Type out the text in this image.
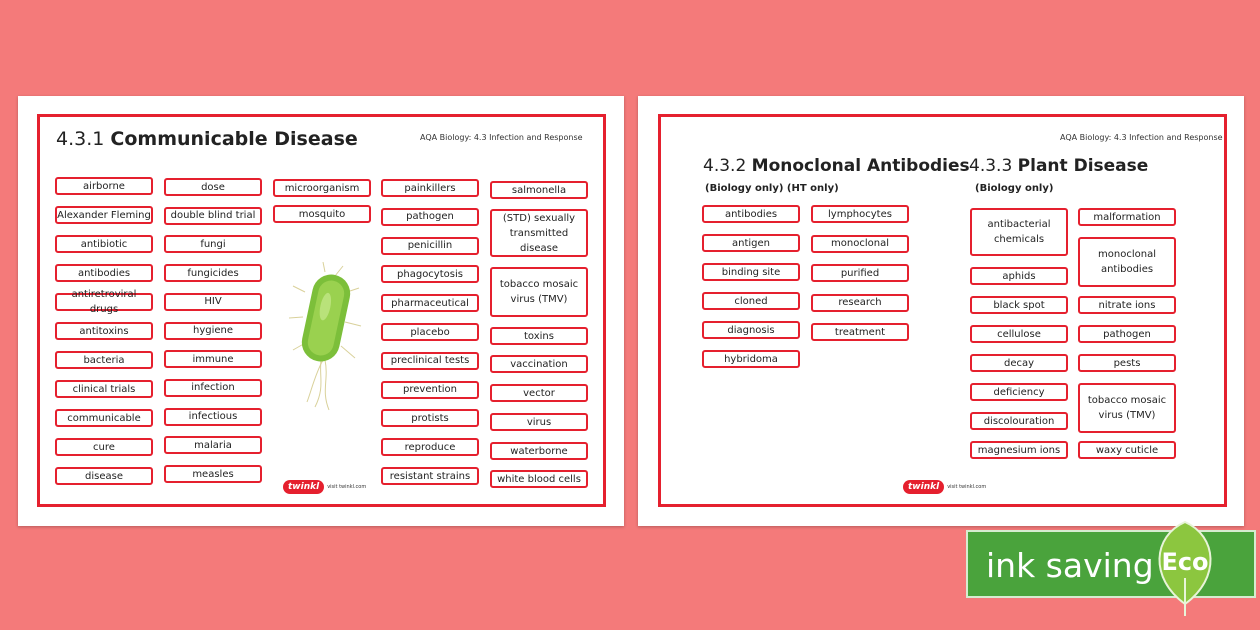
4.3.1 Communicable Disease	AQA Biology: 4.3 Infection and Response
airborne
Alexander Fleming
antibiotic
antibodies
antiretroviral drugs
antitoxins
bacteria
clinical trials
communicable
cure
disease
dose
double blind trial
fungi
fungicides
HIV
hygiene
immune
infection
infectious
malaria
measles
microorganism
mosquito
painkillers
pathogen
penicillin
phagocytosis
pharmaceutical
placebo
preclinical tests
prevention
protists
reproduce
resistant strains
salmonella
(STD) sexually transmitted disease
tobacco mosaic virus (TMV)
toxins
vaccination
vector
virus
waterborne
white blood cells
twinkl	visit twinkl.com
AQA Biology: 4.3 Infection and Response
4.3.2 Monoclonal Antibodies
(Biology only) (HT only)
4.3.3 Plant Disease
(Biology only)
antibodies
antigen
binding site
cloned
diagnosis
hybridoma
lymphocytes
monoclonal
purified
research
treatment
antibacterial chemicals
aphids
black spot
cellulose
decay
deficiency
discolouration
magnesium ions
malformation
monoclonal antibodies
nitrate ions
pathogen
pests
tobacco mosaic virus (TMV)
waxy cuticle
twinkl	visit twinkl.com
ink saving Eco
